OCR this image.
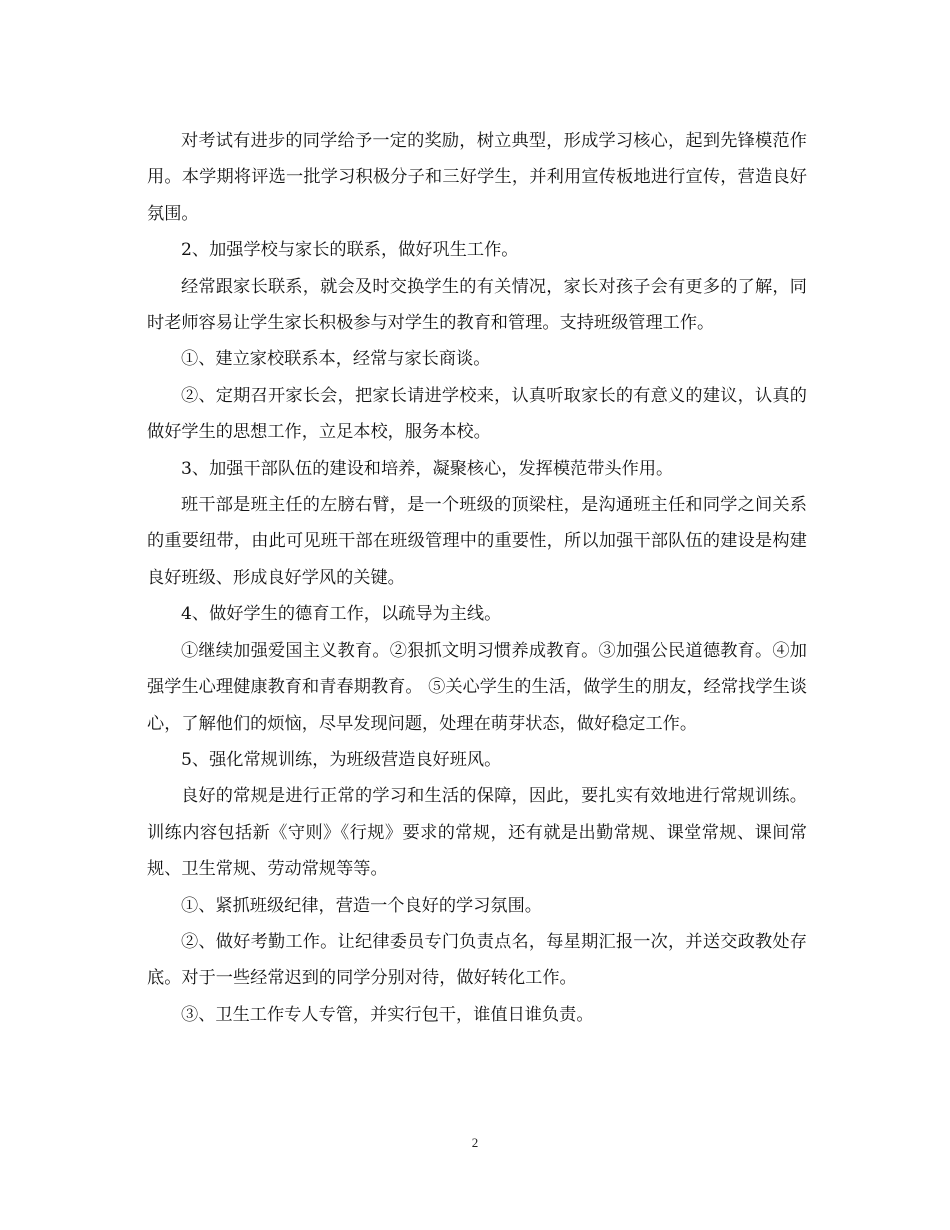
对考试有进步的同学给予一定的奖励，树立典型，形成学习核心，起到先锋模范作用。本学期将评选一批学习积极分子和三好学生，并利用宣传板地进行宣传，营造良好氛围。

2、加强学校与家长的联系，做好巩生工作。

经常跟家长联系，就会及时交换学生的有关情况，家长对孩子会有更多的了解，同时老师容易让学生家长积极参与对学生的教育和管理。支持班级管理工作。

①、建立家校联系本，经常与家长商谈。

②、定期召开家长会，把家长请进学校来，认真听取家长的有意义的建议，认真的做好学生的思想工作，立足本校，服务本校。

3、加强干部队伍的建设和培养，凝聚核心，发挥模范带头作用。

班干部是班主任的左膀右臂，是一个班级的顶梁柱，是沟通班主任和同学之间关系的重要纽带，由此可见班干部在班级管理中的重要性，所以加强干部队伍的建设是构建良好班级、形成良好学风的关键。

4、做好学生的德育工作，以疏导为主线。

①继续加强爱国主义教育。②狠抓文明习惯养成教育。③加强公民道德教育。④加强学生心理健康教育和青春期教育。 ⑤关心学生的生活，做学生的朋友，经常找学生谈心，了解他们的烦恼，尽早发现问题，处理在萌芽状态，做好稳定工作。

5、强化常规训练，为班级营造良好班风。

良好的常规是进行正常的学习和生活的保障，因此，要扎实有效地进行常规训练。训练内容包括新《守则》《行规》要求的常规，还有就是出勤常规、课堂常规、课间常规、卫生常规、劳动常规等等。

①、紧抓班级纪律，营造一个良好的学习氛围。

②、做好考勤工作。让纪律委员专门负责点名，每星期汇报一次，并送交政教处存底。对于一些经常迟到的同学分别对待，做好转化工作。

③、卫生工作专人专管，并实行包干，谁值日谁负责。

2
